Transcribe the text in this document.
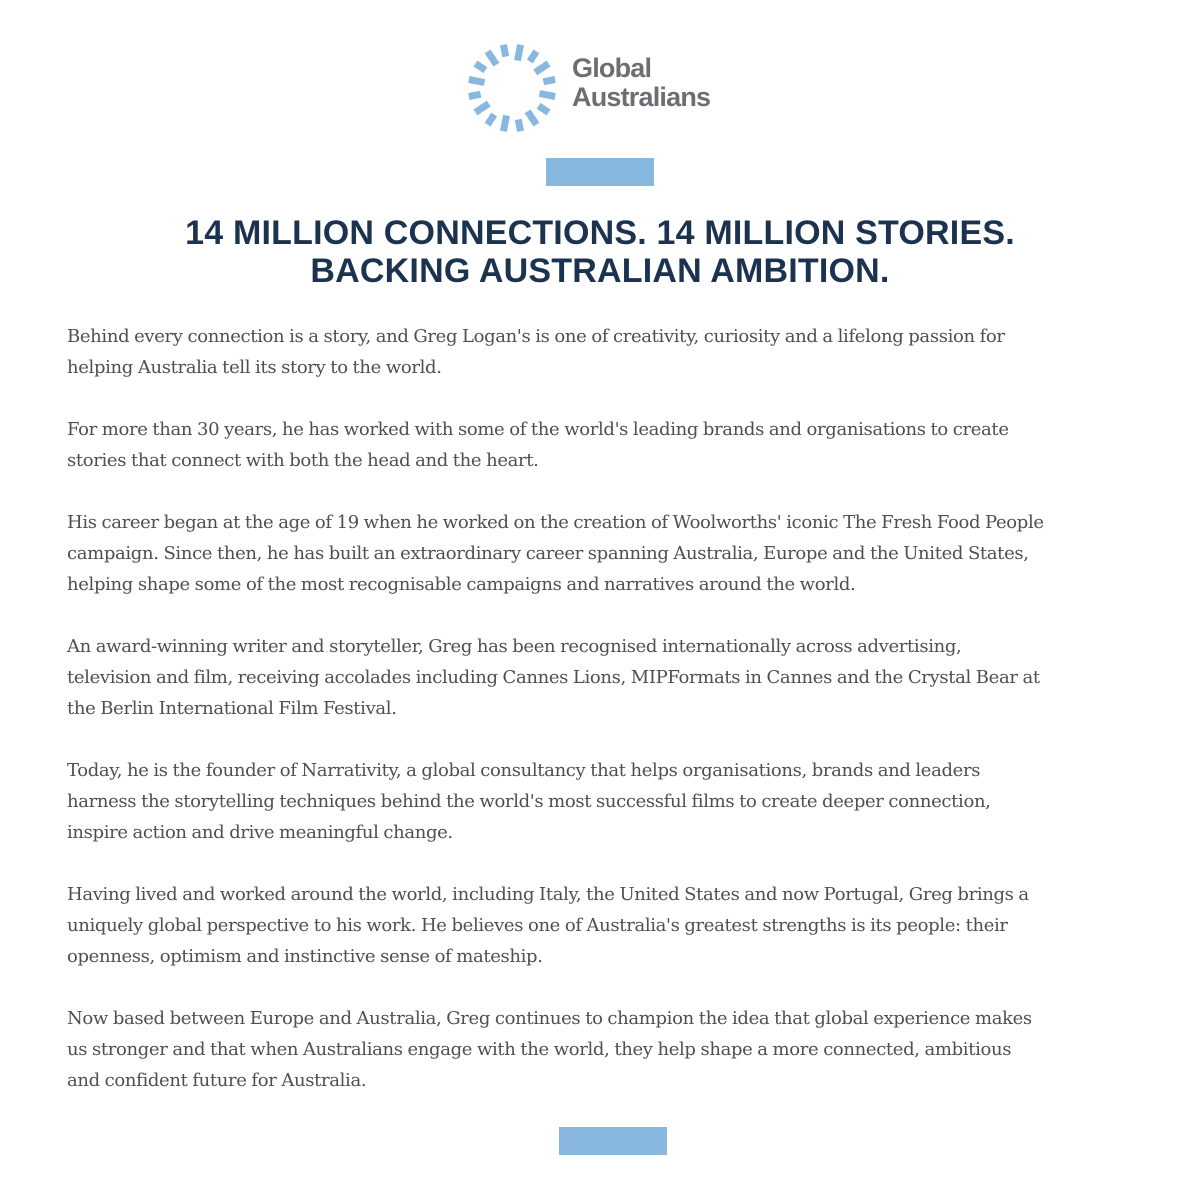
Global
Australians
14 MILLION CONNECTIONS. 14 MILLION STORIES.
BACKING AUSTRALIAN AMBITION.

Behind every connection is a story, and Greg Logan's is one of creativity, curiosity and a lifelong passion for
helping Australia tell its story to the world.

For more than 30 years, he has worked with some of the world's leading brands and organisations to create
stories that connect with both the head and the heart.

His career began at the age of 19 when he worked on the creation of Woolworths' iconic The Fresh Food People
campaign. Since then, he has built an extraordinary career spanning Australia, Europe and the United States,
helping shape some of the most recognisable campaigns and narratives around the world.

An award-winning writer and storyteller, Greg has been recognised internationally across advertising,
television and film, receiving accolades including Cannes Lions, MIPFormats in Cannes and the Crystal Bear at
the Berlin International Film Festival.

Today, he is the founder of Narrativity, a global consultancy that helps organisations, brands and leaders
harness the storytelling techniques behind the world's most successful films to create deeper connection,
inspire action and drive meaningful change.

Having lived and worked around the world, including Italy, the United States and now Portugal, Greg brings a
uniquely global perspective to his work. He believes one of Australia's greatest strengths is its people: their
openness, optimism and instinctive sense of mateship.

Now based between Europe and Australia, Greg continues to champion the idea that global experience makes
us stronger and that when Australians engage with the world, they help shape a more connected, ambitious
and confident future for Australia.
